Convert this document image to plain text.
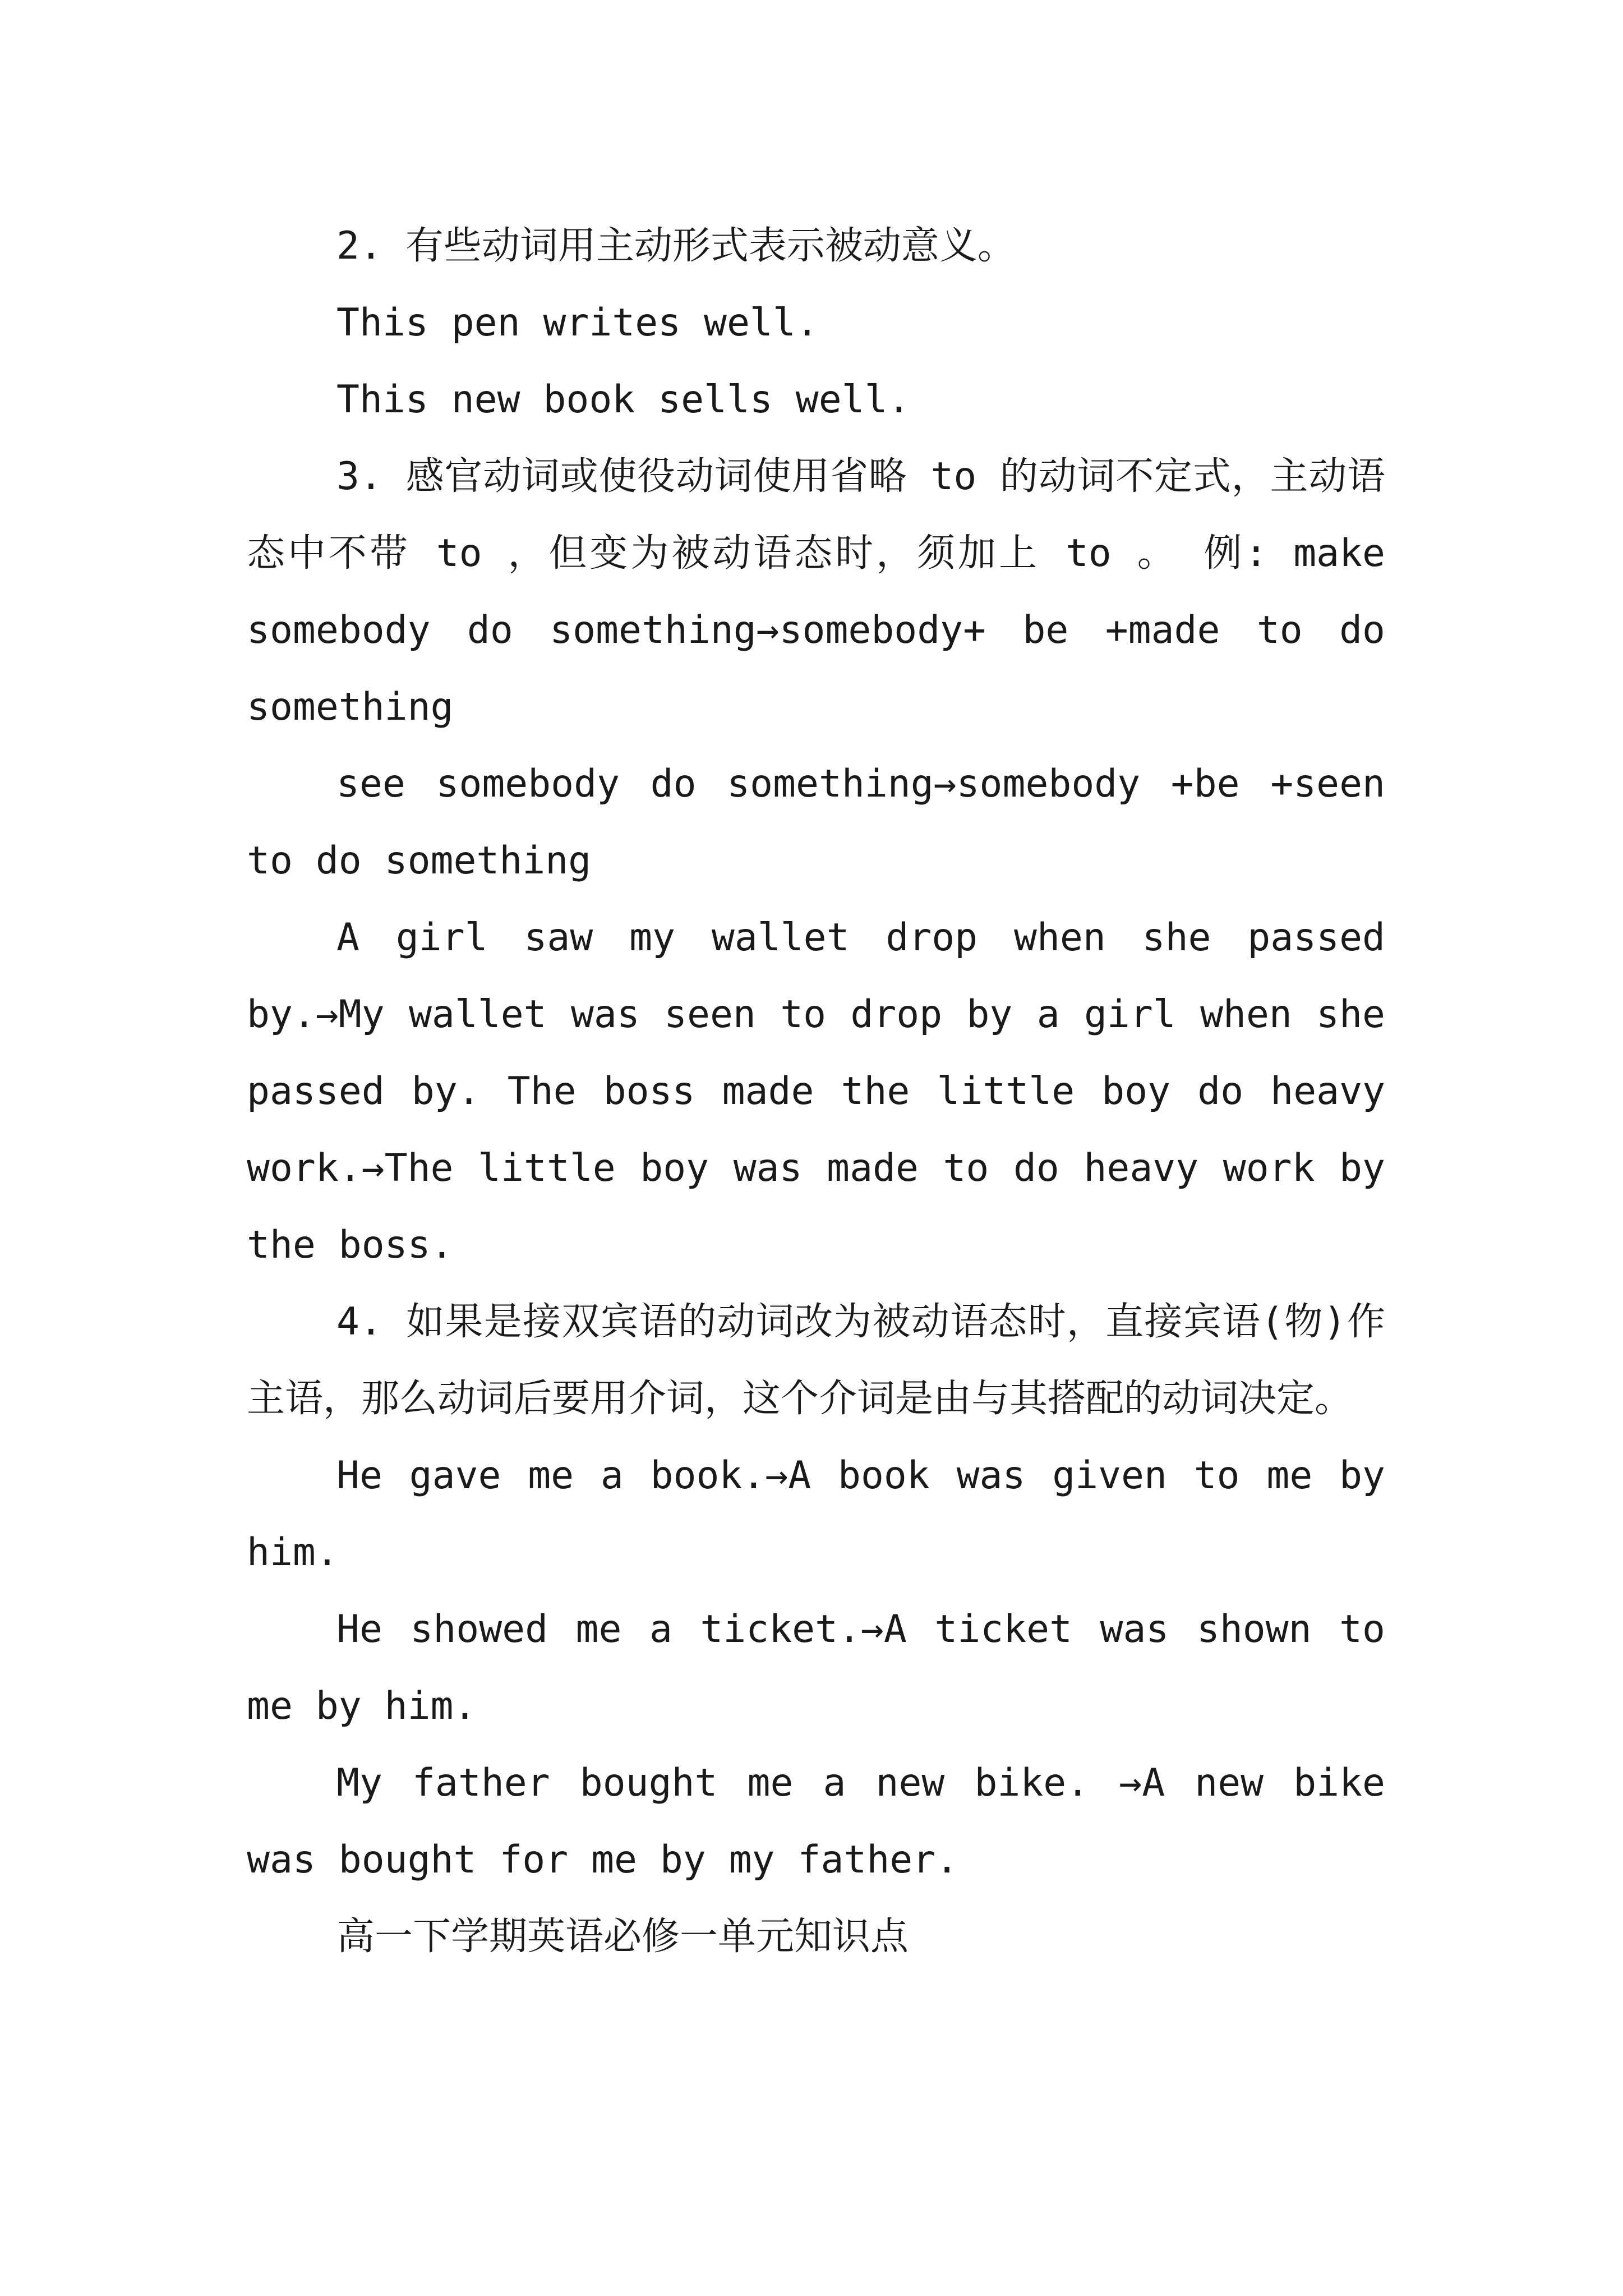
2. 有些动词用主动形式表示被动意义。

This pen writes well.

This new book sells well.

3. 感官动词或使役动词使用省略 to 的动词不定式，主动语态中不带 to ，但变为被动语态时，须加上 to 。 例: make somebody do something→somebody+ be +made to do something

see somebody do something→somebody +be +seen to do something

A girl saw my wallet drop when she passed by.→My wallet was seen to drop by a girl when she passed by. The boss made the little boy do heavy work.→The little boy was made to do heavy work by the boss.

4. 如果是接双宾语的动词改为被动语态时，直接宾语(物)作主语，那么动词后要用介词，这个介词是由与其搭配的动词决定。

He gave me a book.→A book was given to me by him.

He showed me a ticket.→A ticket was shown to me by him.

My father bought me a new bike. →A new bike was bought for me by my father.

高一下学期英语必修一单元知识点
